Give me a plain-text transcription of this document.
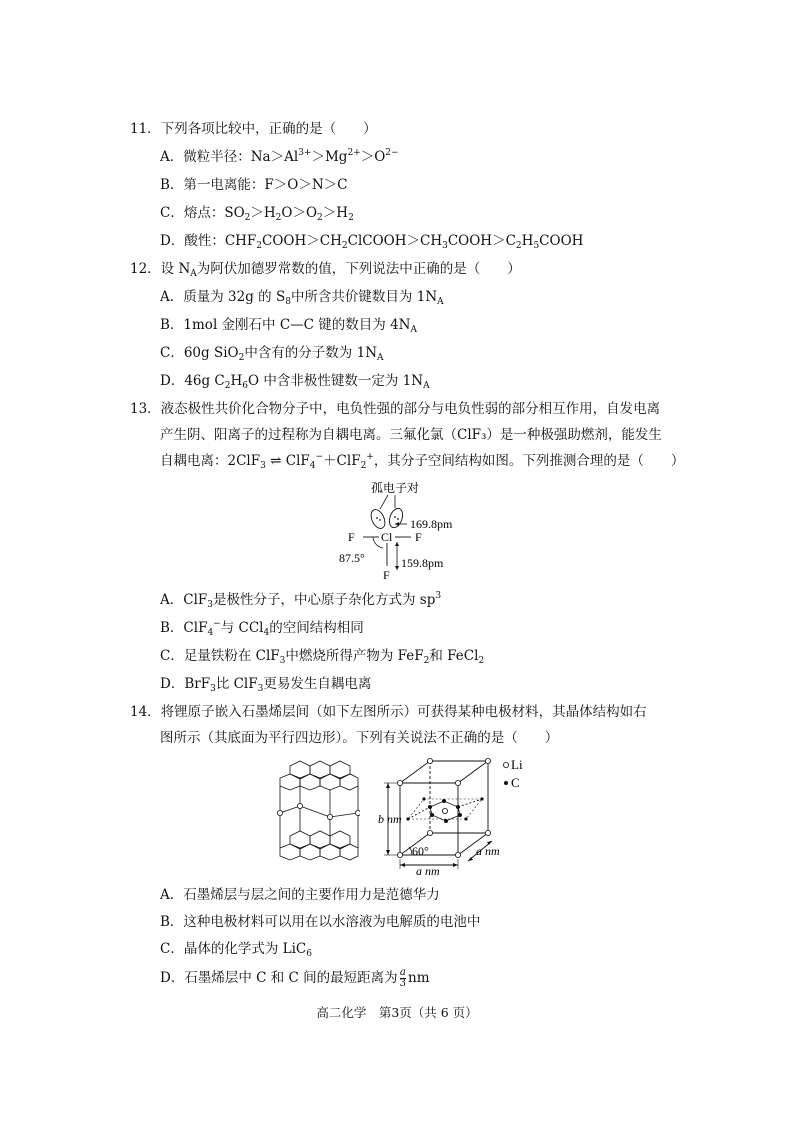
11．下列各项比较中，正确的是（　　）
A．微粒半径：$Na>Al^{3+}>Mg^{2+}>O^{2-}$
B．第一电离能：F＞O＞N＞C
C．熔点：$SO_2>H_2O>O_2>H_2$
D．酸性：$CHF_2COOH>CH_2ClCOOH>CH_3COOH>C_2H_5COOH$
12．设 $N_A$为阿伏加德罗常数的值，下列说法中正确的是（　　）
A．质量为 32g 的 $S_8$中所含共价键数目为 $1N_A$
B．1mol 金刚石中 C—C 键的数目为 $4N_A$
C．60g SiO$_2$中含有的分子数为 $1N_A$
D．46g $C_2H_6O$ 中含非极性键数一定为 $1N_A$
13．液态极性共价化合物分子中，电负性强的部分与电负性弱的部分相互作用，自发电离
产生阴、阳离子的过程称为自耦电离。三氟化氯（ClF₃）是一种极强助燃剂，能发生
自耦电离：2ClF$_3$ ⇌ ClF$_4$−＋ClF$_2$+，其分子空间结构如图。下列推测合理的是（　　）
孤电子对
Cl
F	F
F
169.8pm
159.8pm
87.5°
A．ClF$_3$是极性分子，中心原子杂化方式为 $sp^3$
B．ClF$_4$−与 CCl$_4$的空间结构相同
C．足量铁粉在 ClF$_3$中燃烧所得产物为 FeF$_2$和 FeCl$_2$
D．BrF$_3$比 ClF$_3$更易发生自耦电离
14．将锂原子嵌入石墨烯层间（如下左图所示）可获得某种电极材料，其晶体结构如右
图所示（其底面为平行四边形）。下列有关说法不正确的是（　　）
b nm
60°
a nm
a nm
Li
C
A．石墨烯层与层之间的主要作用力是范德华力
B．这种电极材料可以用在以水溶液为电解质的电池中
C．晶体的化学式为 LiC$_6$
D．石墨烯层中 C 和 C 间的最短距离为 $\frac{a}{3}$ nm
高二化学　第3页（共 6 页）
